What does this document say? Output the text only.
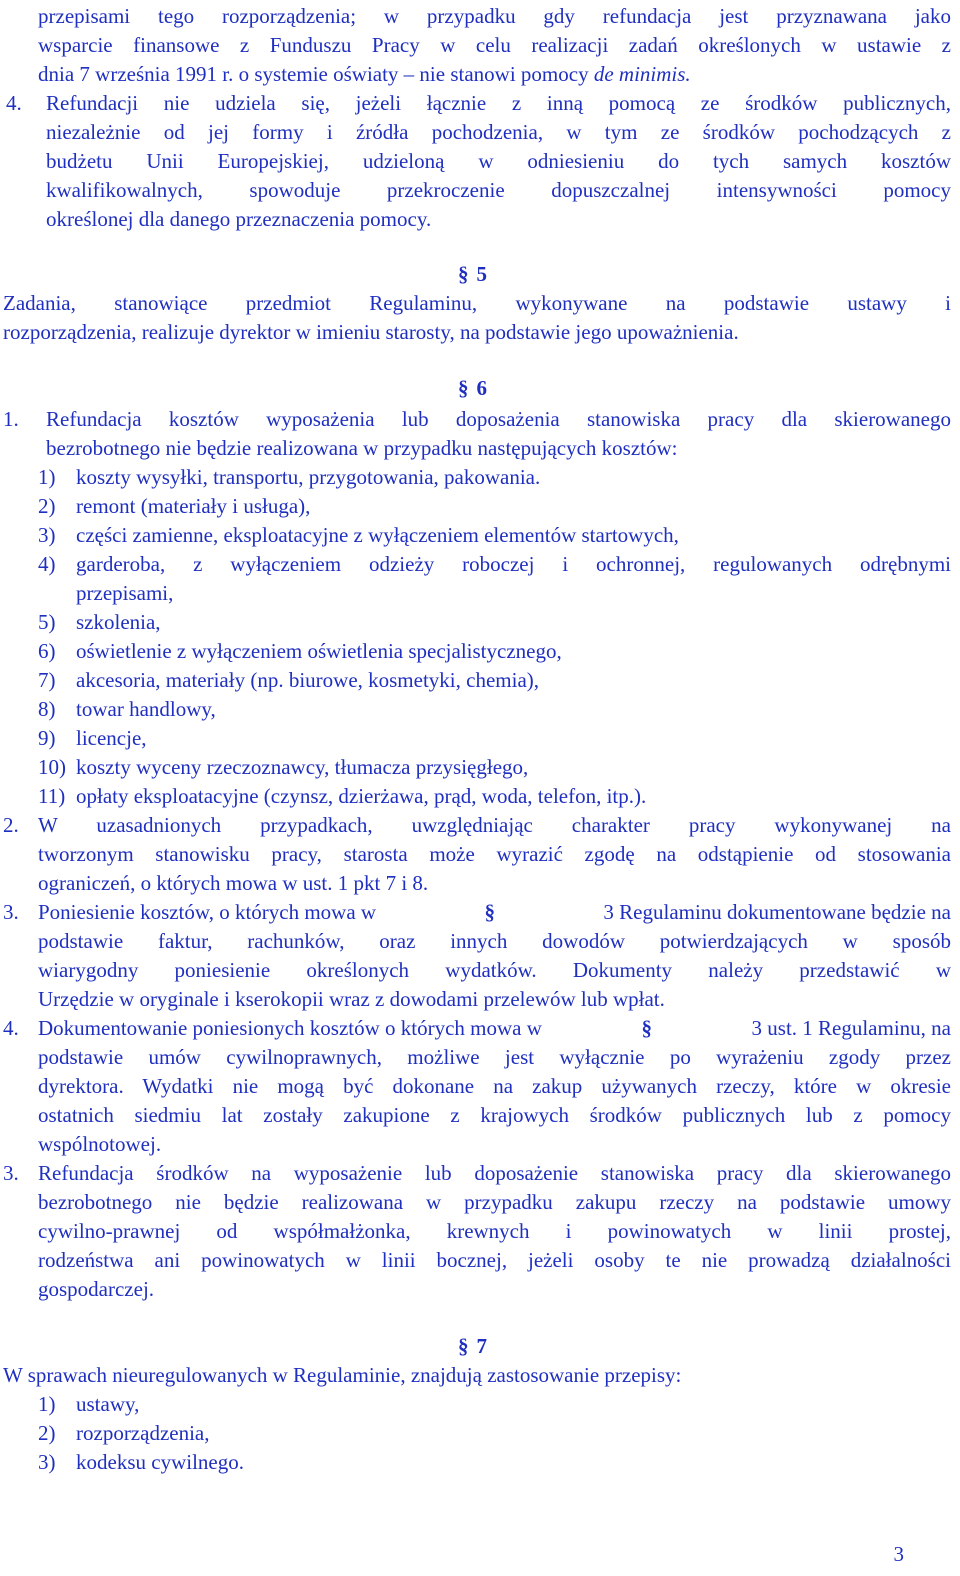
przepisami tego rozporządzenia; w przypadku gdy refundacja jest przyznawana jako
wsparcie finansowe z Funduszu Pracy w celu realizacji zadań określonych w ustawie z
dnia 7 września 1991 r. o systemie oświaty – nie stanowi pomocy de minimis.
4. Refundacji nie udziela się, jeżeli łącznie z inną pomocą ze środków publicznych,
niezależnie od jej formy i źródła pochodzenia, w tym ze środków pochodzących z
budżetu Unii Europejskiej, udzieloną w odniesieniu do tych samych kosztów
kwalifikowalnych, spowoduje przekroczenie dopuszczalnej intensywności pomocy
określonej dla danego przeznaczenia pomocy.
§ 5
Zadania, stanowiące przedmiot Regulaminu, wykonywane na podstawie ustawy i
rozporządzenia, realizuje dyrektor w imieniu starosty, na podstawie jego upoważnienia.
§ 6
1. Refundacja kosztów wyposażenia lub doposażenia stanowiska pracy dla skierowanego
bezrobotnego nie będzie realizowana w przypadku następujących kosztów:
1) koszty wysyłki, transportu, przygotowania, pakowania.
2) remont (materiały i usługa),
3) części zamienne, eksploatacyjne z wyłączeniem elementów startowych,
4) garderoba, z wyłączeniem odzieży roboczej i ochronnej, regulowanych odrębnymi
przepisami,
5) szkolenia,
6) oświetlenie z wyłączeniem oświetlenia specjalistycznego,
7) akcesoria, materiały (np. biurowe, kosmetyki, chemia),
8) towar handlowy,
9) licencje,
10) koszty wyceny rzeczoznawcy, tłumacza przysięgłego,
11) opłaty eksploatacyjne (czynsz, dzierżawa, prąd, woda, telefon, itp.).
2. W uzasadnionych przypadkach, uwzględniając charakter pracy wykonywanej na
tworzonym stanowisku pracy, starosta może wyrazić zgodę na odstąpienie od stosowania
ograniczeń, o których mowa w ust. 1 pkt 7 i 8.
3. Poniesienie kosztów, o których mowa w	§	3 Regulaminu dokumentowane będzie na
podstawie faktur, rachunków, oraz innych dowodów potwierdzających w sposób
wiarygodny poniesienie określonych wydatków. Dokumenty należy przedstawić w
Urzędzie w oryginale i kserokopii wraz z dowodami przelewów lub wpłat.
4. Dokumentowanie poniesionych kosztów o których mowa w	§	3 ust. 1 Regulaminu, na
podstawie umów cywilnoprawnych, możliwe jest wyłącznie po wyrażeniu zgody przez
dyrektora. Wydatki nie mogą być dokonane na zakup używanych rzeczy, które w okresie
ostatnich siedmiu lat zostały zakupione z krajowych środków publicznych lub z pomocy
wspólnotowej.
3. Refundacja środków na wyposażenie lub doposażenie stanowiska pracy dla skierowanego
bezrobotnego nie będzie realizowana w przypadku zakupu rzeczy na podstawie umowy
cywilno-prawnej od współmałżonka, krewnych i powinowatych w linii prostej,
rodzeństwa ani powinowatych w linii bocznej, jeżeli osoby te nie prowadzą działalności
gospodarczej.
§ 7
W sprawach nieuregulowanych w Regulaminie, znajdują zastosowanie przepisy:
1) ustawy,
2) rozporządzenia,
3) kodeksu cywilnego.
3
